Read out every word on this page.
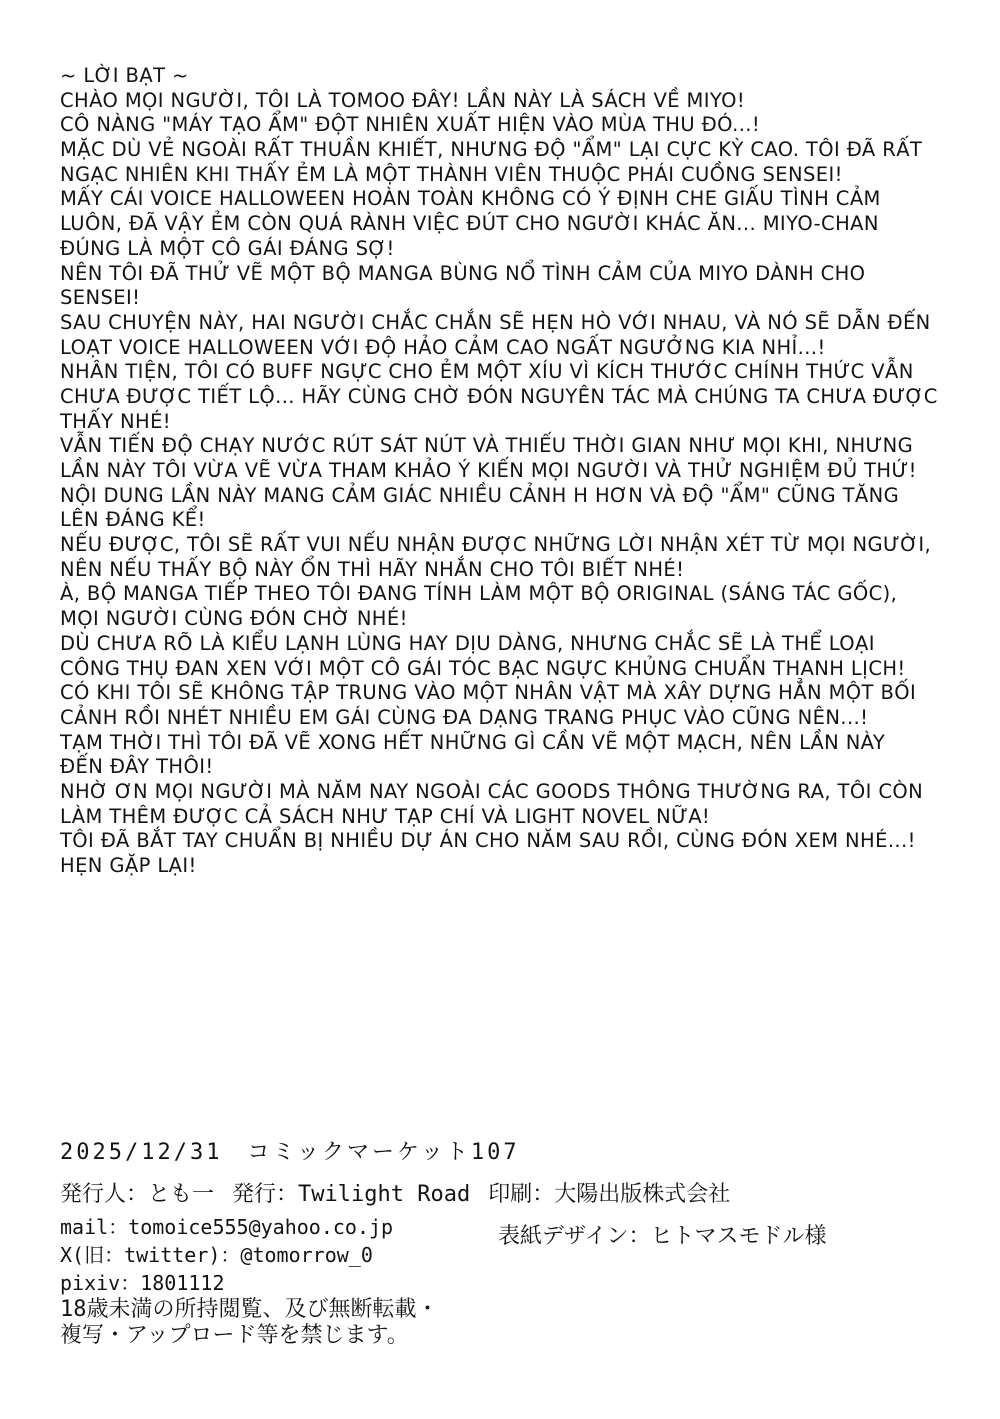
~ LỜI BẠT ~
CHÀO MỌI NGƯỜI, TÔI LÀ TOMOO ĐÂY! LẦN NÀY LÀ SÁCH VỀ MIYO!
CÔ NÀNG "MÁY TẠO ẨM" ĐỘT NHIÊN XUẤT HIỆN VÀO MÙA THU ĐÓ...!
MẶC DÙ VẺ NGOÀI RẤT THUẦN KHIẾT, NHƯNG ĐỘ "ẨM" LẠI CỰC KỲ CAO. TÔI ĐÃ RẤT
NGẠC NHIÊN KHI THẤY ẺM LÀ MỘT THÀNH VIÊN THUỘC PHÁI CUỒNG SENSEI!
MẤY CÁI VOICE HALLOWEEN HOÀN TOÀN KHÔNG CÓ Ý ĐỊNH CHE GIẤU TÌNH CẢM
LUÔN, ĐÃ VẬY ẺM CÒN QUÁ RÀNH VIỆC ĐÚT CHO NGƯỜI KHÁC ĂN... MIYO-CHAN
ĐÚNG LÀ MỘT CÔ GÁI ĐÁNG SỢ!
NÊN TÔI ĐÃ THỬ VẼ MỘT BỘ MANGA BÙNG NỔ TÌNH CẢM CỦA MIYO DÀNH CHO
SENSEI!
SAU CHUYỆN NÀY, HAI NGƯỜI CHẮC CHẮN SẼ HẸN HÒ VỚI NHAU, VÀ NÓ SẼ DẪN ĐẾN
LOẠT VOICE HALLOWEEN VỚI ĐỘ HẢO CẢM CAO NGẤT NGƯỞNG KIA NHỈ...!
NHÂN TIỆN, TÔI CÓ BUFF NGỰC CHO ẺM MỘT XÍU VÌ KÍCH THƯỚC CHÍNH THỨC VẪN
CHƯA ĐƯỢC TIẾT LỘ... HÃY CÙNG CHỜ ĐÓN NGUYÊN TÁC MÀ CHÚNG TA CHƯA ĐƯỢC
THẤY NHÉ!
VẪN TIẾN ĐỘ CHẠY NƯỚC RÚT SÁT NÚT VÀ THIẾU THỜI GIAN NHƯ MỌI KHI, NHƯNG
LẦN NÀY TÔI VỪA VẼ VỪA THAM KHẢO Ý KIẾN MỌI NGƯỜI VÀ THỬ NGHIỆM ĐỦ THỨ!
NỘI DUNG LẦN NÀY MANG CẢM GIÁC NHIỀU CẢNH H HƠN VÀ ĐỘ "ẨM" CŨNG TĂNG
LÊN ĐÁNG KỂ!
NẾU ĐƯỢC, TÔI SẼ RẤT VUI NẾU NHẬN ĐƯỢC NHỮNG LỜI NHẬN XÉT TỪ MỌI NGƯỜI,
NÊN NẾU THẤY BỘ NÀY ỔN THÌ HÃY NHẮN CHO TÔI BIẾT NHÉ!
À, BỘ MANGA TIẾP THEO TÔI ĐANG TÍNH LÀM MỘT BỘ ORIGINAL (SÁNG TÁC GỐC),
MỌI NGƯỜI CÙNG ĐÓN CHỜ NHÉ!
DÙ CHƯA RÕ LÀ KIỂU LẠNH LÙNG HAY DỊU DÀNG, NHƯNG CHẮC SẼ LÀ THỂ LOẠI
CÔNG THỤ ĐAN XEN VỚI MỘT CÔ GÁI TÓC BẠC NGỰC KHỦNG CHUẨN THANH LỊCH!
CÓ KHI TÔI SẼ KHÔNG TẬP TRUNG VÀO MỘT NHÂN VẬT MÀ XÂY DỰNG HẲN MỘT BỐI
CẢNH RỒI NHÉT NHIỀU EM GÁI CÙNG ĐA DẠNG TRANG PHỤC VÀO CŨNG NÊN...!
TẠM THỜI THÌ TÔI ĐÃ VẼ XONG HẾT NHỮNG GÌ CẦN VẼ MỘT MẠCH, NÊN LẦN NÀY
ĐẾN ĐÂY THÔI!
NHỜ ƠN MỌI NGƯỜI MÀ NĂM NAY NGOÀI CÁC GOODS THÔNG THƯỜNG RA, TÔI CÒN
LÀM THÊM ĐƯỢC CẢ SÁCH NHƯ TẠP CHÍ VÀ LIGHT NOVEL NỮA!
TÔI ĐÃ BẮT TAY CHUẨN BỊ NHIỀU DỰ ÁN CHO NĂM SAU RỒI, CÙNG ĐÓN XEM NHÉ...!
HẸN GẶP LẠI!
2025/12/31　コミックマーケット107
発行人：とも一 発行：Twilight Road 印刷：大陽出版株式会社
mail：tomoice555@yahoo.co.jp	表紙デザイン：ヒトマスモドル様
X(旧：twitter)：@tomorrow_0
pixiv：1801112
18歳未満の所持閲覧、及び無断転載・
複写・アップロード等を禁じます。
